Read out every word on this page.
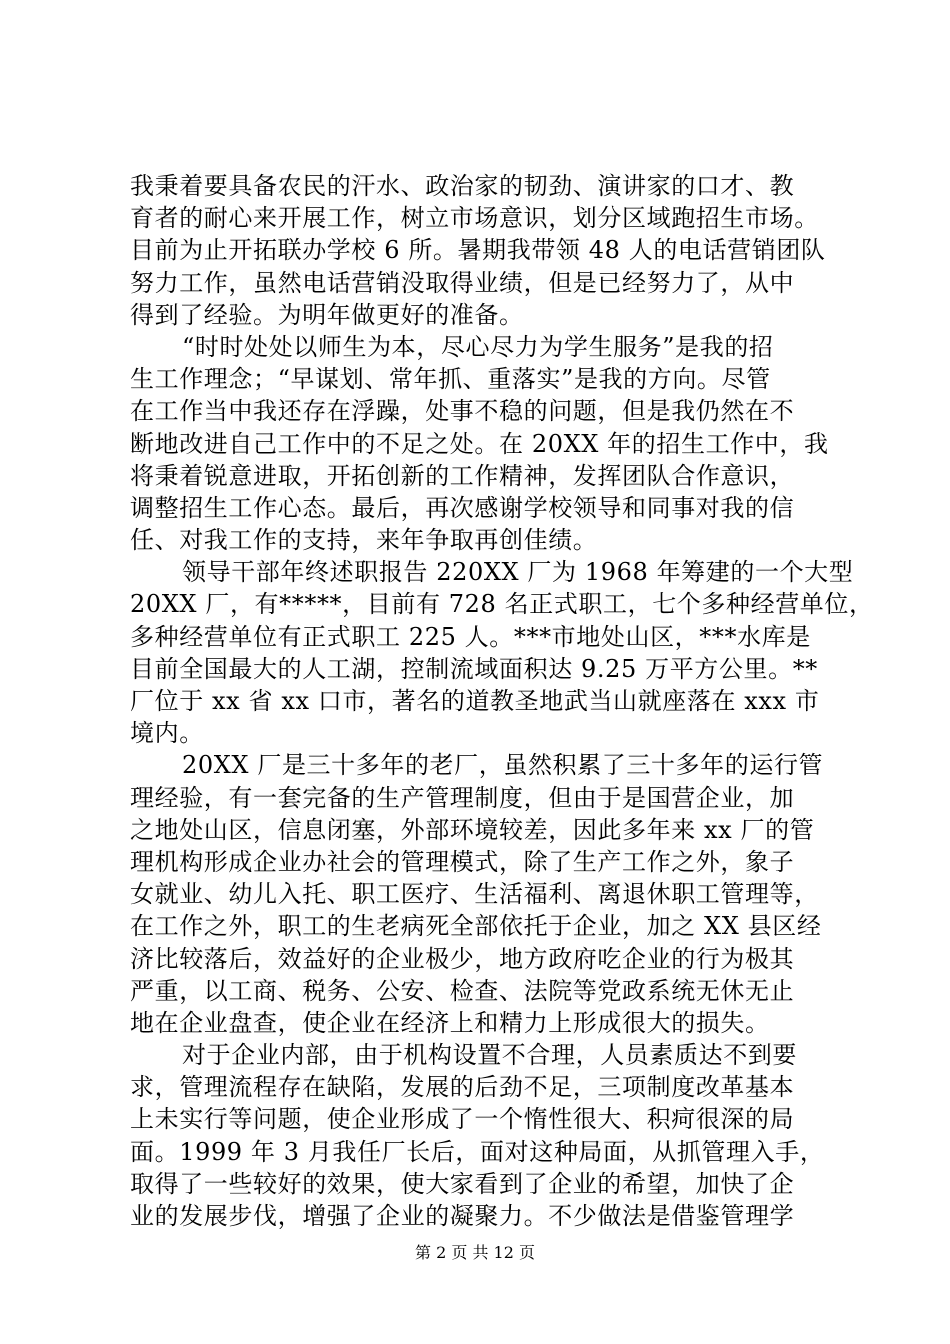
我秉着要具备农民的汗水、政治家的韧劲、演讲家的口才、教
育者的耐心来开展工作，树立市场意识，划分区域跑招生市场。
目前为止开拓联办学校 6 所。暑期我带领 48 人的电话营销团队
努力工作，虽然电话营销没取得业绩，但是已经努力了，从中
得到了经验。为明年做更好的准备。
“时时处处以师生为本，尽心尽力为学生服务”是我的招
生工作理念；“早谋划、常年抓、重落实”是我的方向。尽管
在工作当中我还存在浮躁，处事不稳的问题，但是我仍然在不
断地改进自己工作中的不足之处。在 20XX 年的招生工作中，我
将秉着锐意进取，开拓创新的工作精神，发挥团队合作意识，
调整招生工作心态。最后，再次感谢学校领导和同事对我的信
任、对我工作的支持，来年争取再创佳绩。
领导干部年终述职报告 220XX 厂为 1968 年筹建的一个大型
20XX 厂，有*****，目前有 728 名正式职工，七个多种经营单位，
多种经营单位有正式职工 225 人。***市地处山区，***水库是
目前全国最大的人工湖，控制流域面积达 9.25 万平方公里。**
厂位于 xx 省 xx 口市，著名的道教圣地武当山就座落在 xxx 市
境内。
20XX 厂是三十多年的老厂，虽然积累了三十多年的运行管
理经验，有一套完备的生产管理制度，但由于是国营企业，加
之地处山区，信息闭塞，外部环境较差，因此多年来 xx 厂的管
理机构形成企业办社会的管理模式，除了生产工作之外，象子
女就业、幼儿入托、职工医疗、生活福利、离退休职工管理等，
在工作之外，职工的生老病死全部依托于企业，加之 XX 县区经
济比较落后，效益好的企业极少，地方政府吃企业的行为极其
严重，以工商、税务、公安、检查、法院等党政系统无休无止
地在企业盘查，使企业在经济上和精力上形成很大的损失。
对于企业内部，由于机构设置不合理，人员素质达不到要
求，管理流程存在缺陷，发展的后劲不足，三项制度改革基本
上未实行等问题，使企业形成了一个惰性很大、积疴很深的局
面。1999 年 3 月我任厂长后，面对这种局面，从抓管理入手，
取得了一些较好的效果，使大家看到了企业的希望，加快了企
业的发展步伐，增强了企业的凝聚力。不少做法是借鉴管理学
第 2 页 共 12 页
